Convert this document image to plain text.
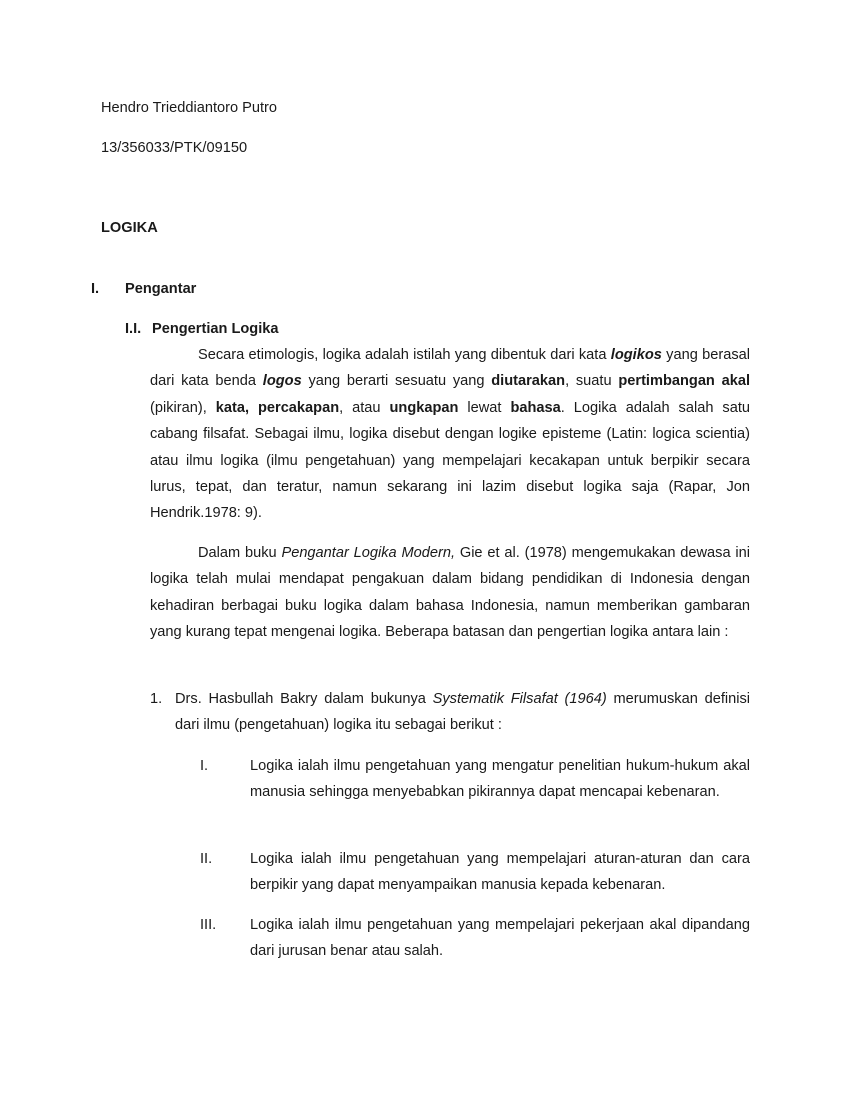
Hendro Trieddiantoro Putro
13/356033/PTK/09150
LOGIKA
I. Pengantar
I.I. Pengertian Logika

Secara etimologis, logika adalah istilah yang dibentuk dari kata logikos yang berasal dari kata benda logos yang berarti sesuatu yang diutarakan, suatu pertimbangan akal (pikiran), kata, percakapan, atau ungkapan lewat bahasa. Logika adalah salah satu cabang filsafat. Sebagai ilmu, logika disebut dengan logike episteme (Latin: logica scientia) atau ilmu logika (ilmu pengetahuan) yang mempelajari kecakapan untuk berpikir secara lurus, tepat, dan teratur, namun sekarang ini lazim disebut logika saja (Rapar, Jon Hendrik.1978: 9).

Dalam buku Pengantar Logika Modern, Gie et al. (1978) mengemukakan dewasa ini logika telah mulai mendapat pengakuan dalam bidang pendidikan di Indonesia dengan kehadiran berbagai buku logika dalam bahasa Indonesia, namun memberikan gambaran yang kurang tepat mengenai logika. Beberapa batasan dan pengertian logika antara lain :

1. Drs. Hasbullah Bakry dalam bukunya Systematik Filsafat (1964) merumuskan definisi dari ilmu (pengetahuan) logika itu sebagai berikut :

I.	Logika ialah ilmu pengetahuan yang mengatur penelitian hukum-hukum akal manusia sehingga menyebabkan pikirannya dapat mencapai kebenaran.

II.	Logika ialah ilmu pengetahuan yang mempelajari aturan-aturan dan cara berpikir yang dapat menyampaikan manusia kepada kebenaran.

III. Logika ialah ilmu pengetahuan yang mempelajari pekerjaan akal dipandang dari jurusan benar atau salah.
